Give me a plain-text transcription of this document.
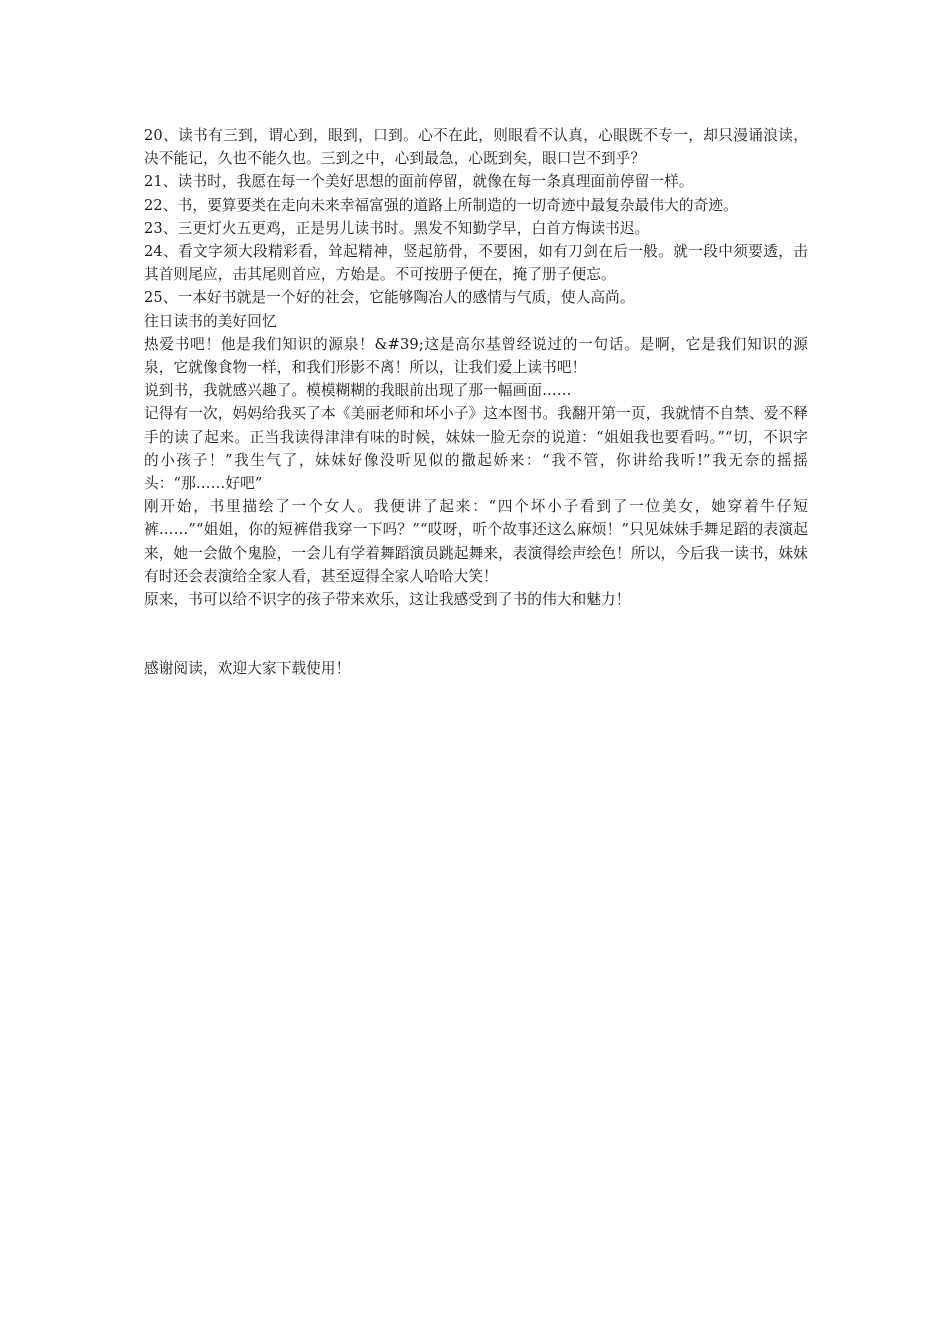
20、读书有三到，谓心到，眼到，口到。心不在此，则眼看不认真，心眼既不专一，却只漫诵浪读，决不能记，久也不能久也。三到之中，心到最急，心既到矣，眼口岂不到乎？

21、读书时，我愿在每一个美好思想的面前停留，就像在每一条真理面前停留一样。

22、书，要算要类在走向未来幸福富强的道路上所制造的一切奇迹中最复杂最伟大的奇迹。

23、三更灯火五更鸡，正是男儿读书时。黑发不知勤学早，白首方悔读书迟。

24、看文字须大段精彩看，耸起精神，竖起筋骨，不要困，如有刀剑在后一般。就一段中须要透，击其首则尾应，击其尾则首应，方始是。不可按册子便在，掩了册子便忘。

25、一本好书就是一个好的社会，它能够陶冶人的感情与气质，使人高尚。

往日读书的美好回忆

热爱书吧！他是我们知识的源泉！&#39;这是高尔基曾经说过的一句话。是啊，它是我们知识的源泉，它就像食物一样，和我们形影不离！所以，让我们爱上读书吧！

说到书，我就感兴趣了。模模糊糊的我眼前出现了那一幅画面……

记得有一次，妈妈给我买了本《美丽老师和坏小子》这本图书。我翻开第一页，我就情不自禁、爱不释手的读了起来。正当我读得津津有味的时候，妹妹一脸无奈的说道：“姐姐我也要看吗。”“切，不识字的小孩子！”我生气了，妹妹好像没听见似的撒起娇来：“我不管，你讲给我听!”我无奈的摇摇头：“那……好吧”

刚开始，书里描绘了一个女人。我便讲了起来：“四个坏小子看到了一位美女，她穿着牛仔短裤……”“姐姐，你的短裤借我穿一下吗？”“哎呀，听个故事还这么麻烦！”只见妹妹手舞足蹈的表演起来，她一会做个鬼脸，一会儿有学着舞蹈演员跳起舞来，表演得绘声绘色！所以，今后我一读书，妹妹有时还会表演给全家人看，甚至逗得全家人哈哈大笑！

原来，书可以给不识字的孩子带来欢乐，这让我感受到了书的伟大和魅力！

感谢阅读，欢迎大家下载使用！
